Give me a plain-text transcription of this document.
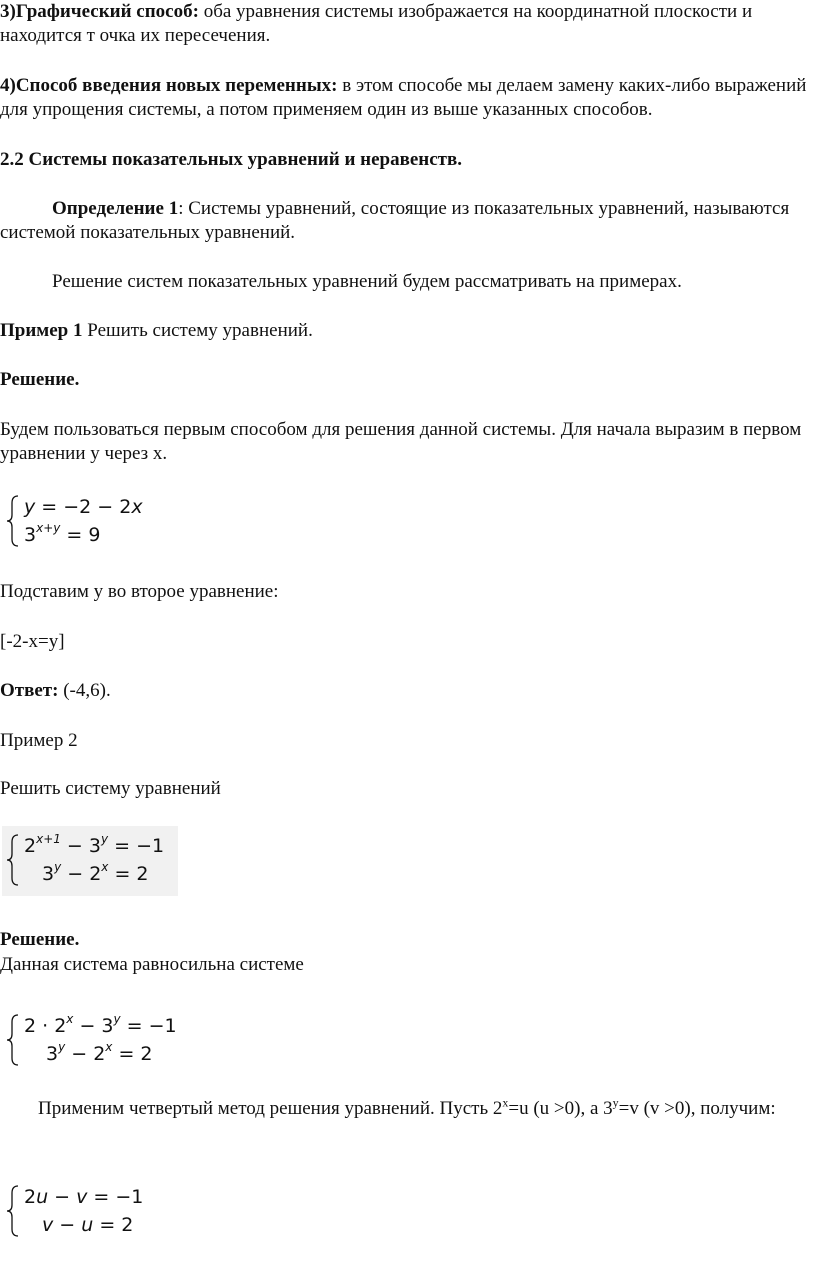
3)Графический способ: оба уравнения системы изображается на координатной плоскости и находится т очка их пересечения.

4)Способ введения новых переменных: в этом способе мы делаем замену каких-либо выражений для упрощения системы, а потом применяем один из выше указанных способов.

2.2 Системы показательных уравнений и неравенств.

Определение 1: Системы уравнений, состоящие из показательных уравнений, называются системой показательных уравнений.

Решение систем показательных уравнений будем рассматривать на примерах.

Пример 1 Решить систему уравнений.

Решение.

Будем пользоваться первым способом для решения данной системы. Для начала выразим в первом уравнении у через х.

y = −2 − 2x
$3^{x+y} = 9$

Подставим у во второе уравнение:

[-2-x=y]

Ответ: (-4,6).

Пример 2

Решить систему уравнений

$2^{x+1} - 3^y = -1$
$3^y - 2^x = 2$

Решение.

Данная система равносильна системе

$2 \cdot 2^x - 3^y = -1$
$3^y - 2^x = 2$

Применим четвертый метод решения уравнений. Пусть $2^x=u$ (u >0), а $3^y=v$ (v >0), получим:

2u − v = −1
v − u = 2
